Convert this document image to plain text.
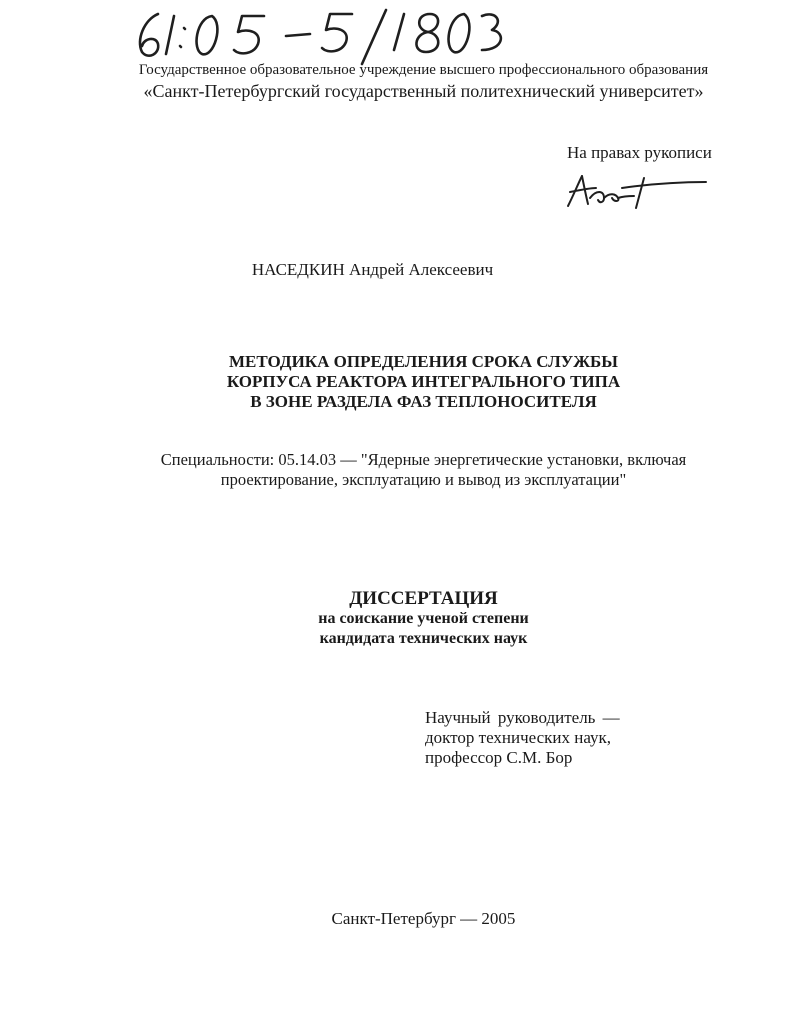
Государственное образовательное учреждение высшего профессионального образования
«Санкт-Петербургский государственный политехнический университет»
На правах рукописи
НАСЕДКИН Андрей Алексеевич
МЕТОДИКА ОПРЕДЕЛЕНИЯ СРОКА СЛУЖБЫ
КОРПУСА РЕАКТОРА ИНТЕГРАЛЬНОГО ТИПА
В ЗОНЕ РАЗДЕЛА ФАЗ ТЕПЛОНОСИТЕЛЯ
Специальности: 05.14.03 — "Ядерные энергетические установки, включая
проектирование, эксплуатацию и вывод из эксплуатации"
ДИССЕРТАЦИЯ
на соискание ученой степени
кандидата технических наук
Научный руководитель —
доктор технических наук,
профессор С.М. Бор
Санкт-Петербург — 2005
